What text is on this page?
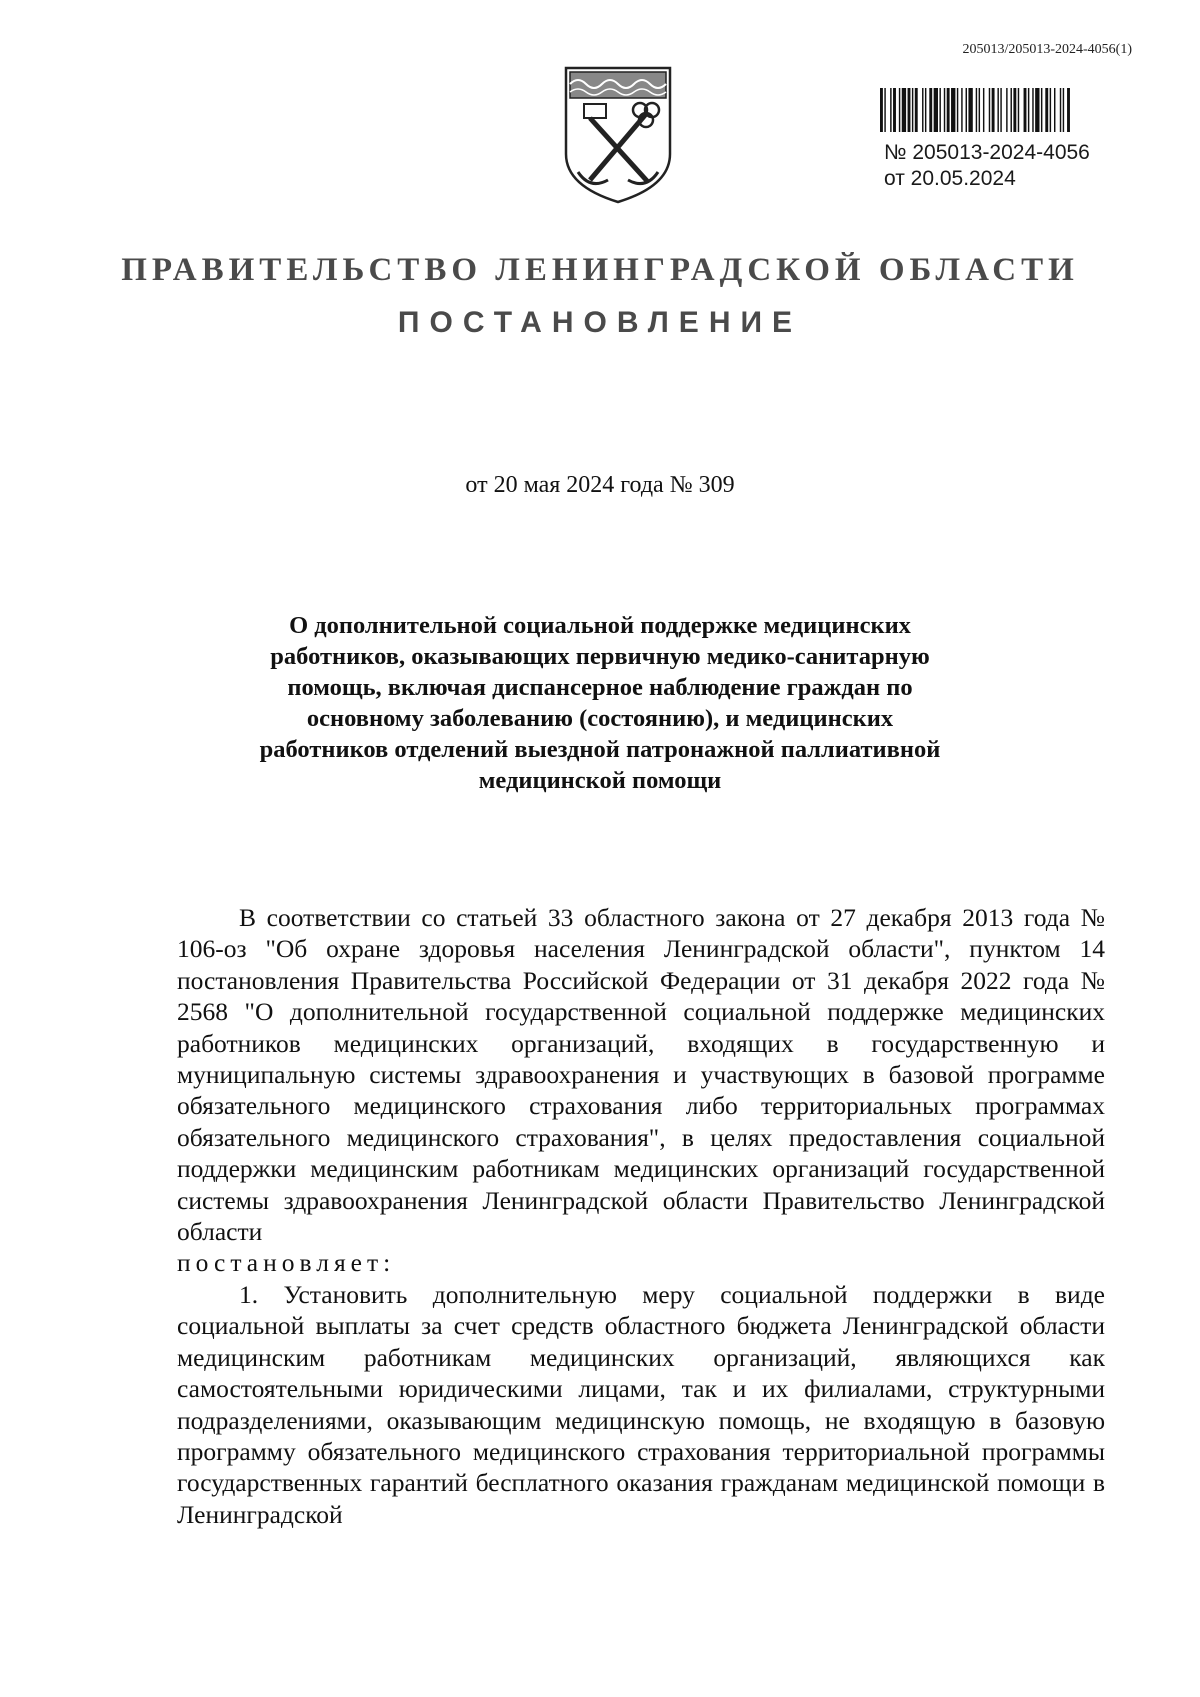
205013/205013-2024-4056(1)
№ 205013-2024-4056
от 20.05.2024
ПРАВИТЕЛЬСТВО ЛЕНИНГРАДСКОЙ ОБЛАСТИ
ПОСТАНОВЛЕНИЕ
от 20 мая 2024 года № 309
О дополнительной социальной поддержке медицинских работников, оказывающих первичную медико-санитарную помощь, включая диспансерное наблюдение граждан по основному заболеванию (состоянию), и медицинских работников отделений выездной патронажной паллиативной медицинской помощи

В соответствии со статьей 33 областного закона от 27 декабря 2013 года № 106-оз "Об охране здоровья населения Ленинградской области", пунктом 14 постановления Правительства Российской Федерации от 31 декабря 2022 года № 2568 "О дополнительной государственной социальной поддержке медицинских работников медицинских организаций, входящих в государственную и муниципальную системы здравоохранения и участвующих в базовой программе обязательного медицинского страхования либо территориальных программах обязательного медицинского страхования", в целях предоставления социальной поддержки медицинским работникам медицинских организаций государственной системы здравоохранения Ленинградской области Правительство Ленинградской области

постановляет:

1. Установить дополнительную меру социальной поддержки в виде социальной выплаты за счет средств областного бюджета Ленинградской области медицинским работникам медицинских организаций, являющихся как самостоятельными юридическими лицами, так и их филиалами, структурными подразделениями, оказывающим медицинскую помощь, не входящую в базовую программу обязательного медицинского страхования территориальной программы государственных гарантий бесплатного оказания гражданам медицинской помощи в Ленинградской
